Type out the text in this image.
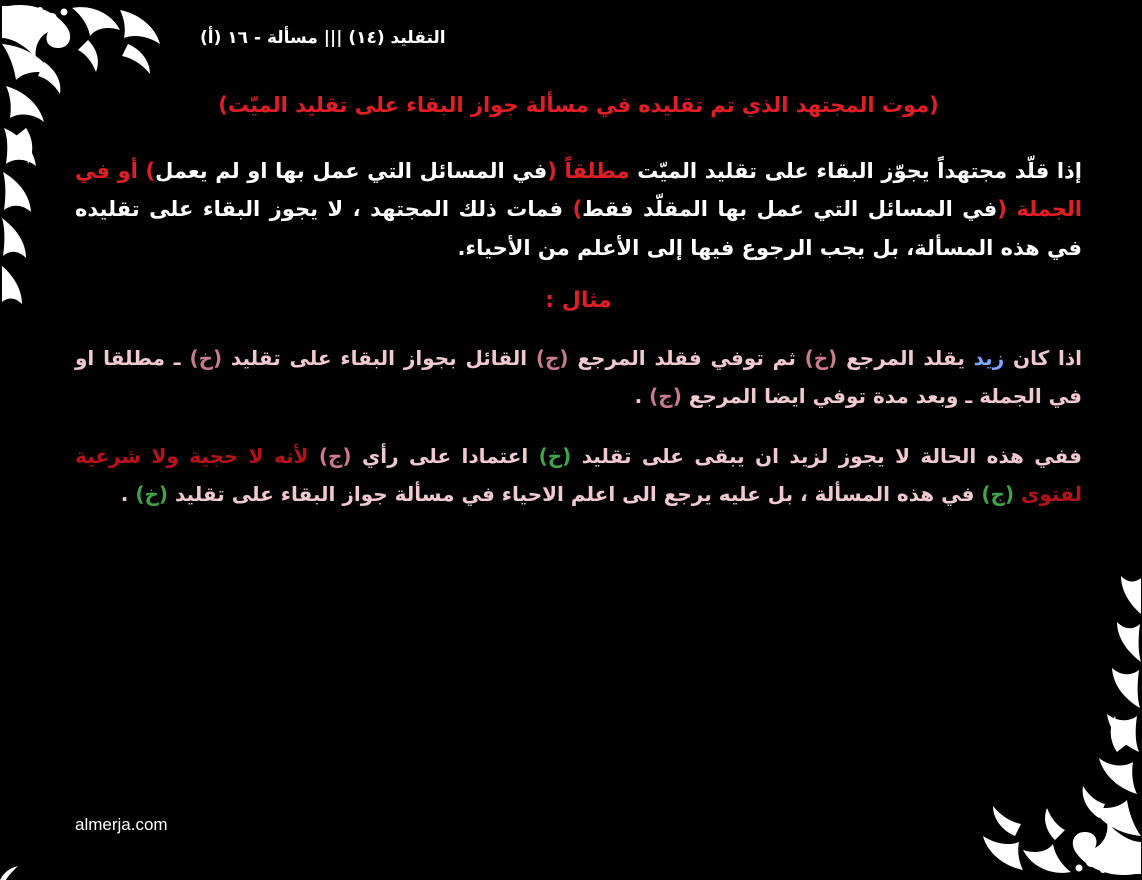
التقليد (١٤) ||| مسألة - ١٦ (أ)
(موت المجتهد الذي تم تقليده في مسألة جواز البقاء على تقليد الميّت)

إذا قلّد مجتهداً يجوّز البقاء على تقليد الميّت مطلقاً (في المسائل التي عمل بها او لم يعمل) أو في الجملة (في المسائل التي عمل بها المقلّد فقط) فمات ذلك المجتهد ، لا يجوز البقاء على تقليده في هذه المسألة، بل يجب الرجوع فيها إلى الأعلم من الأحياء.

مثال :

اذا كان زيد يقلد المرجع (خ) ثم توفي فقلد المرجع (ج) القائل بجواز البقاء على تقليد (خ) ـ مطلقا او في الجملة ـ وبعد مدة توفي ايضا المرجع (ج) .

ففي هذه الحالة لا يجوز لزيد ان يبقى على تقليد (خ) اعتمادا على رأي (ج) لأنه لا حجية ولا شرعية لفتوى (ج) في هذه المسألة ، بل عليه يرجع الى اعلم الاحياء في مسألة جواز البقاء على تقليد (خ) .

almerja.com
